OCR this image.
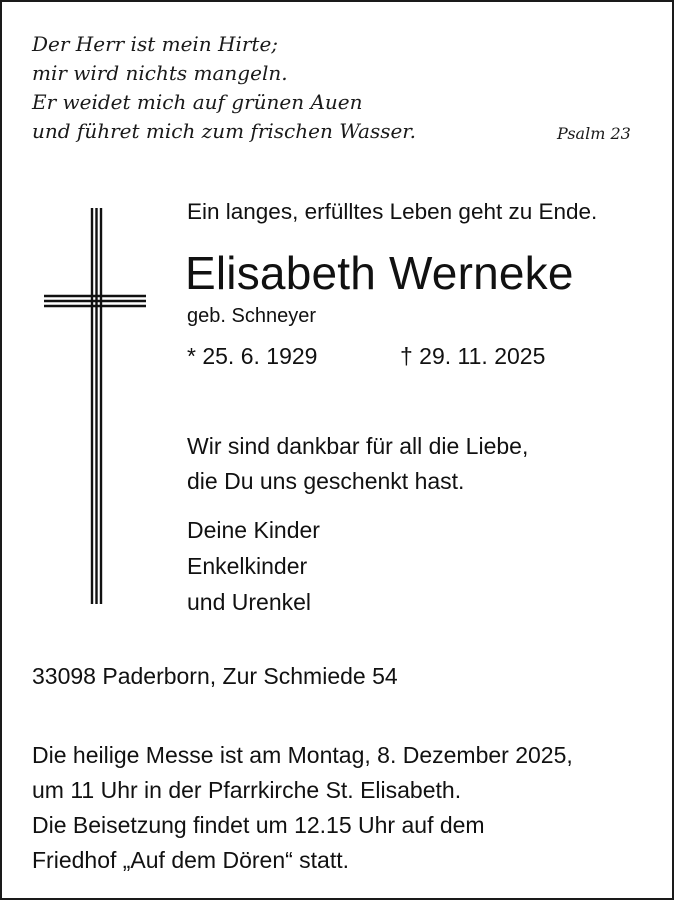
Der Herr ist mein Hirte;
mir wird nichts mangeln.
Er weidet mich auf grünen Auen
und führet mich zum frischen Wasser.	Psalm 23
Ein langes, erfülltes Leben geht zu Ende.
Elisabeth Werneke
geb. Schneyer
* 25. 6. 1929	† 29. 11. 2025
Wir sind dankbar für all die Liebe,
die Du uns geschenkt hast.
Deine Kinder
Enkelkinder
und Urenkel
33098 Paderborn, Zur Schmiede 54
Die heilige Messe ist am Montag, 8. Dezember 2025,
um 11 Uhr in der Pfarrkirche St. Elisabeth.
Die Beisetzung findet um 12.15 Uhr auf dem
Friedhof „Auf dem Dören“ statt.
